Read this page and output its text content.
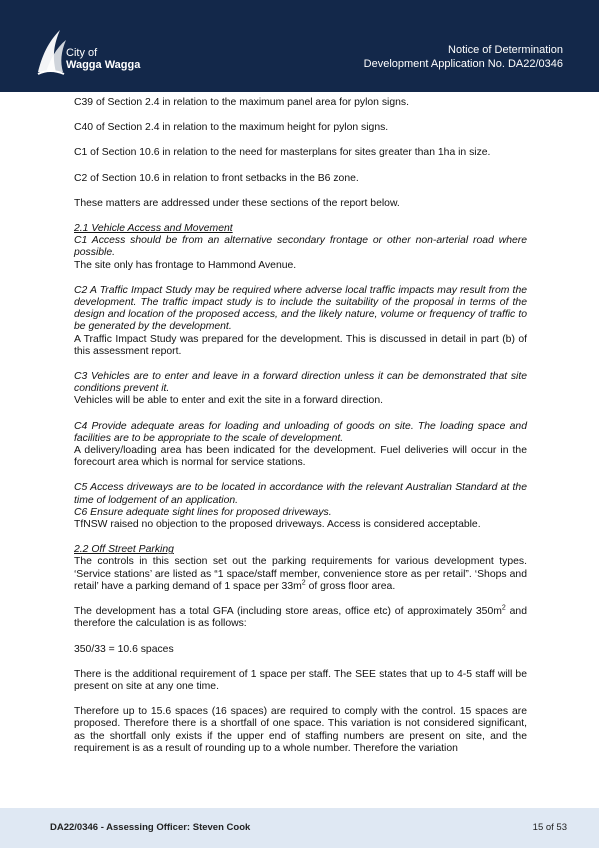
City of
Wagga Wagga
Notice of Determination
Development Application No. DA22/0346

C39 of Section 2.4 in relation to the maximum panel area for pylon signs.

C40 of Section 2.4 in relation to the maximum height for pylon signs.

C1 of Section 10.6 in relation to the need for masterplans for sites greater than 1ha in size.

C2 of Section 10.6 in relation to front setbacks in the B6 zone.

These matters are addressed under these sections of the report below.

2.1 Vehicle Access and Movement
C1 Access should be from an alternative secondary frontage or other non-arterial road where possible.
The site only has frontage to Hammond Avenue.

C2 A Traffic Impact Study may be required where adverse local traffic impacts may result from the development. The traffic impact study is to include the suitability of the proposal in terms of the design and location of the proposed access, and the likely nature, volume or frequency of traffic to be generated by the development.
A Traffic Impact Study was prepared for the development. This is discussed in detail in part (b) of this assessment report.

C3 Vehicles are to enter and leave in a forward direction unless it can be demonstrated that site conditions prevent it.
Vehicles will be able to enter and exit the site in a forward direction.

C4 Provide adequate areas for loading and unloading of goods on site. The loading space and facilities are to be appropriate to the scale of development.
A delivery/loading area has been indicated for the development. Fuel deliveries will occur in the forecourt area which is normal for service stations.

C5 Access driveways are to be located in accordance with the relevant Australian Standard at the time of lodgement of an application.
C6 Ensure adequate sight lines for proposed driveways.
TfNSW raised no objection to the proposed driveways. Access is considered acceptable.

2.2 Off Street Parking
The controls in this section set out the parking requirements for various development types. ‘Service stations’ are listed as “1 space/staff member, convenience store as per retail”. ‘Shops and retail’ have a parking demand of 1 space per $33m^2$ of gross floor area.

The development has a total GFA (including store areas, office etc) of approximately $350m^2$ and therefore the calculation is as follows:

350/33 = 10.6 spaces

There is the additional requirement of 1 space per staff. The SEE states that up to 4-5 staff will be present on site at any one time.

Therefore up to 15.6 spaces (16 spaces) are required to comply with the control. 15 spaces are proposed. Therefore there is a shortfall of one space. This variation is not considered significant, as the shortfall only exists if the upper end of staffing numbers are present on site, and the requirement is as a result of rounding up to a whole number. Therefore the variation

DA22/0346 - Assessing Officer: Steven Cook	15 of 53
